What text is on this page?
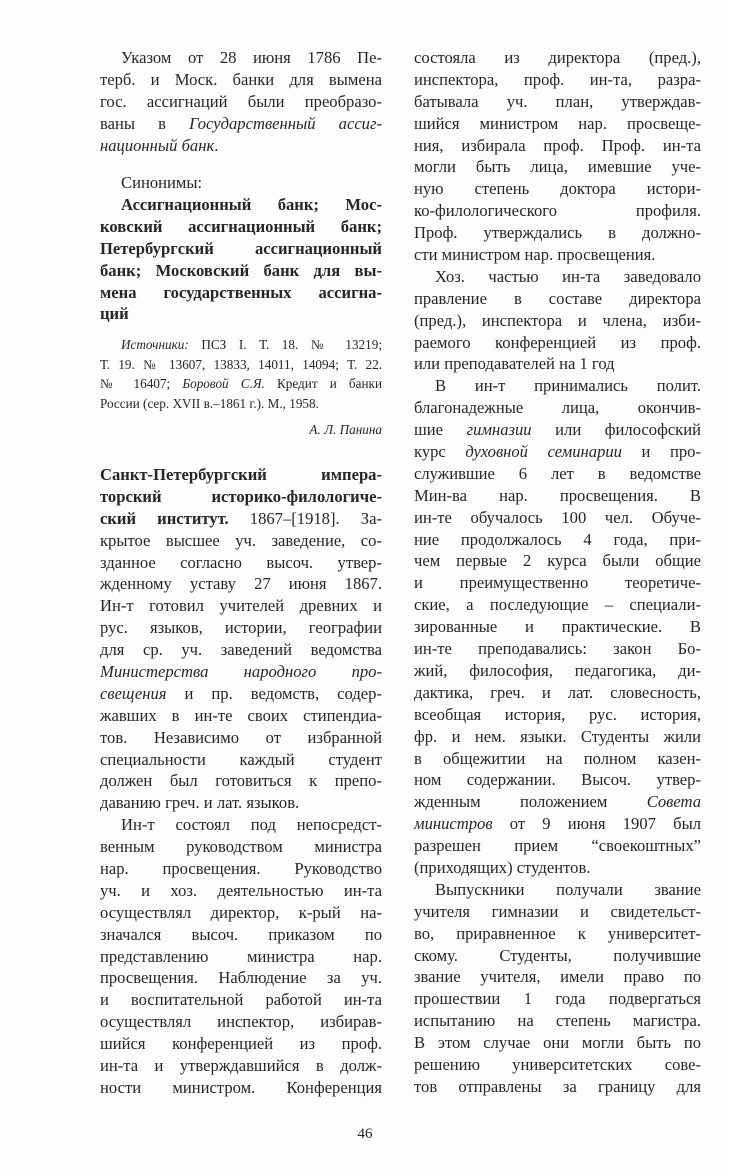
Указом от 28 июня 1786 Пе-
терб. и Моск. банки для вымена
гос. ассигнаций были преобразо-
ваны в Государственный ассиг-
национный банк.
Синонимы:
Ассигнационный банк; Мос-
ковский ассигнационный банк;
Петербургский ассигнационный
банк; Московский банк для вы-
мена государственных ассигна-
ций
Источники: ПСЗ I. Т. 18. № 13219;
Т. 19. № 13607, 13833, 14011, 14094; Т. 22.
№ 16407; Боровой С.Я. Кредит и банки
России (сер. XVII в.–1861 г.). М., 1958.
А. Л. Панина
Санкт-Петербургский импера-
торский историко-филологиче-
ский институт. 1867–[1918]. За-
крытое высшее уч. заведение, со-
зданное согласно высоч. утвер-
жденному уставу 27 июня 1867.
Ин-т готовил учителей древних и
рус. языков, истории, географии
для ср. уч. заведений ведомства
Министерства народного про-
свещения и пр. ведомств, содер-
жавших в ин-те своих стипендиа-
тов. Независимо от избранной
специальности каждый студент
должен был готовиться к препо-
даванию греч. и лат. языков.
Ин-т состоял под непосредст-
венным руководством министра
нар. просвещения. Руководство
уч. и хоз. деятельностью ин-та
осуществлял директор, к-рый на-
значался высоч. приказом по
представлению министра нар.
просвещения. Наблюдение за уч.
и воспитательной работой ин-та
осуществлял инспектор, избирав-
шийся конференцией из проф.
ин-та и утверждавшийся в долж-
ности министром. Конференция
состояла из директора (пред.),
инспектора, проф. ин-та, разра-
батывала уч. план, утверждав-
шийся министром нар. просвеще-
ния, избирала проф. Проф. ин-та
могли быть лица, имевшие уче-
ную степень доктора истори-
ко-филологического профиля.
Проф. утверждались в должно-
сти министром нар. просвещения.
Хоз. частью ин-та заведовало
правление в составе директора
(пред.), инспектора и члена, изби-
раемого конференцией из проф.
или преподавателей на 1 год
В ин-т принимались полит.
благонадежные лица, окончив-
шие гимназии или философский
курс духовной семинарии и про-
служившие 6 лет в ведомстве
Мин-ва нар. просвещения. В
ин-те обучалось 100 чел. Обуче-
ние продолжалось 4 года, при-
чем первые 2 курса были общие
и преимущественно теоретиче-
ские, а последующие – специали-
зированные и практические. В
ин-те преподавались: закон Бо-
жий, философия, педагогика, ди-
дактика, греч. и лат. словесность,
всеобщая история, рус. история,
фр. и нем. языки. Студенты жили
в общежитии на полном казен-
ном содержании. Высоч. утвер-
жденным положением Совета
министров от 9 июня 1907 был
разрешен прием “своекоштных”
(приходящих) студентов.
Выпускники получали звание
учителя гимназии и свидетельст-
во, приравненное к университет-
скому. Студенты, получившие
звание учителя, имели право по
прошествии 1 года подвергаться
испытанию на степень магистра.
В этом случае они могли быть по
решению университетских сове-
тов отправлены за границу для
46
